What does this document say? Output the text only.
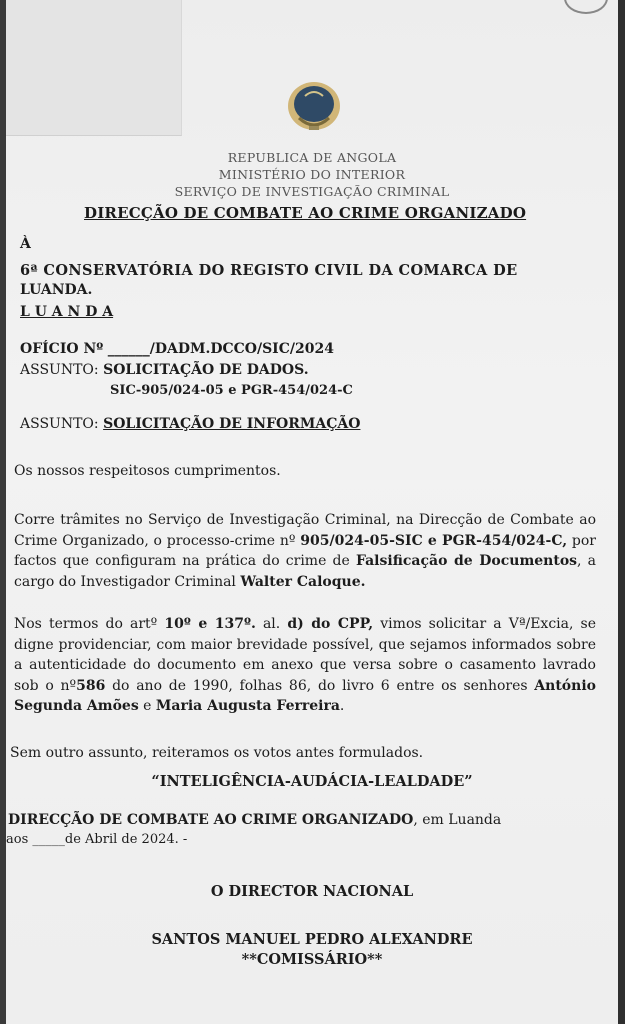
REPUBLICA DE ANGOLA
MINISTÉRIO DO INTERIOR
SERVIÇO DE INVESTIGAÇÃO CRIMINAL
DIRECÇÃO DE COMBATE AO CRIME ORGANIZADO
À
6ª CONSERVATÓRIA DO REGISTO CIVIL DA COMARCA DE
LUANDA.
L U A N D A
OFÍCIO Nº ______/DADM.DCCO/SIC/2024
ASSUNTO: SOLICITAÇÃO DE DADOS.
SIC-905/024-05 e PGR-454/024-C
ASSUNTO: SOLICITAÇÃO DE INFORMAÇÃO
Os nossos respeitosos cumprimentos.
Corre trâmites no Serviço de Investigação Criminal, na Direcção de Combate ao Crime Organizado, o processo-crime nº 905/024-05-SIC e PGR-454/024-C, por factos que configuram na prática do crime de Falsificação de Documentos, a cargo do Investigador Criminal Walter Caloque.
Nos termos do artº 10º e 137º. al. d) do CPP, vimos solicitar a Vª/Excia, se digne providenciar, com maior brevidade possível, que sejamos informados sobre a autenticidade do documento em anexo que versa sobre o casamento lavrado sob o nº586 do ano de 1990, folhas 86, do livro 6 entre os senhores António Segunda Amões e Maria Augusta Ferreira.
Sem outro assunto, reiteramos os votos antes formulados.
“INTELIGÊNCIA-AUDÁCIA-LEALDADE”
DIRECÇÃO DE COMBATE AO CRIME ORGANIZADO, em Luanda
aos _____de Abril de 2024. -
O DIRECTOR NACIONAL
SANTOS MANUEL PEDRO ALEXANDRE
**COMISSÁRIO**
